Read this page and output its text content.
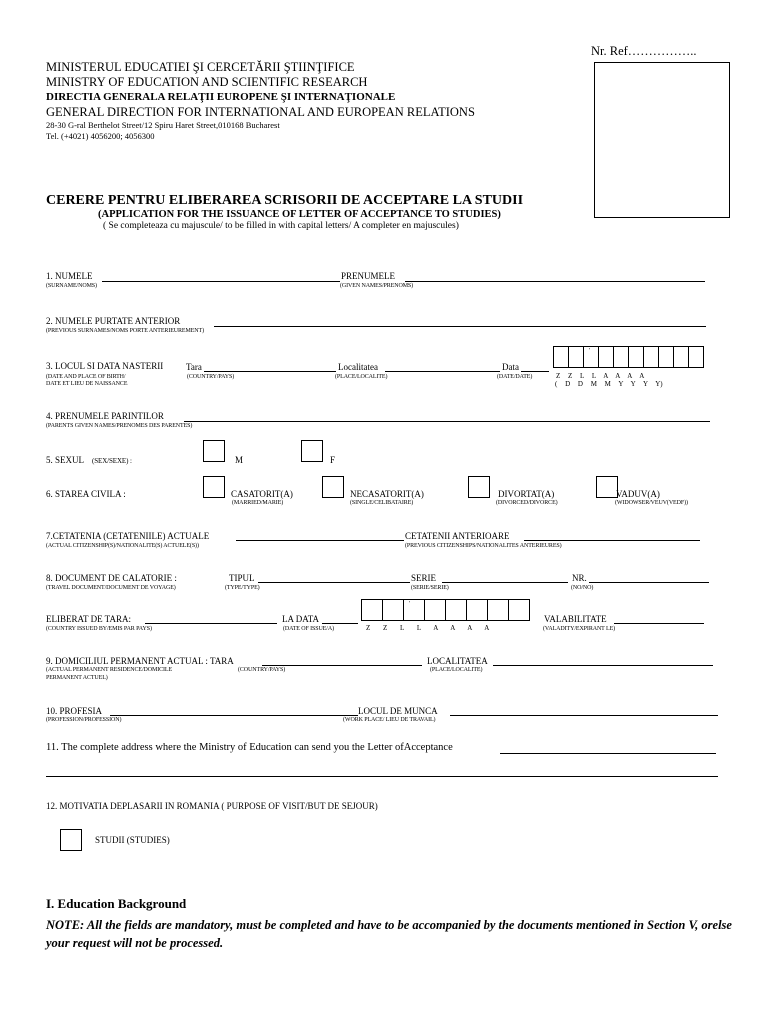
Nr. Ref……………..
MINISTERUL EDUCATIEI ŞI CERCETĂRII ŞTIINŢIFICE
MINISTRY OF EDUCATION AND SCIENTIFIC RESEARCH
DIRECTIA GENERALA RELAŢII EUROPENE ŞI INTERNAŢIONALE
GENERAL DIRECTION FOR INTERNATIONAL AND EUROPEAN RELATIONS
28-30 G-ral Berthelot Street/12 Spiru Haret Street,010168 Bucharest
Tel. (+4021) 4056200; 4056300
CERERE PENTRU ELIBERAREA SCRISORII DE ACCEPTARE LA STUDII
(APPLICATION FOR THE ISSUANCE OF LETTER OF ACCEPTANCE TO STUDIES)
( Se completeaza cu majuscule/ to be filled in with capital letters/ A completer en majuscules)
1. NUMELE	PRENUMELE
(SURNAME/NOMS)	(GIVEN NAMES/PRENOMS)
2. NUMELE PURTATE ANTERIOR
(PREVIOUS SURNAMES/NOMS PORTE ANTERIEUREMENT)
3. LOCUL SI DATA NASTERII	Tara	Localitatea	Data
'
(DATE AND PLACE OF BIRTH/
DATE ET LIEU DE NAISSANCE
(COUNTRY/PAYS)	(PLACE/LOCALITE)	(DATE/DATE)	Z Z L L A A A A
( D D M M Y Y Y Y)
4. PRENUMELE PARINTILOR
(PARENTS GIVEN NAMES/PRENOMES DES PARENTES)
5. SEXUL (SEX/SEXE) :	M	F
6. STAREA CIVILA :	CASATORIT(A)
(MARRIED/MARIE)
NECASATORIT(A)
(SINGLE/CELIBATAIRE)
DIVORTAT(A)
(DIVORCED/DIVORCE)
VADUV(A)
(WIDOWSER/VEUV(VEDF))
7.CETATENIA (CETATENIILE) ACTUALE	CETATENII ANTERIOARE
(ACTUAL CITIZENSHIP(S)/NATIONALITE(S) ACTUELE(S))	(PREVIOUS CITIZENSHIPS/NATIONALITES ANTERIEURES)
8. DOCUMENT DE CALATORIE :	TIPUL	SERIE	NR.
(TRAVEL DOCUMENT/DOCUMENT DE VOYAGE)	(TYPE/TYPE)	(SERIE/SERIE)	(NO/NO)
ELIBERAT DE TARA:	LA DATA
'	VALABILITATE
(COUNTRY ISSUED BY/EMIS PAR PAYS)	(DATE OF ISSUE/A)	Z Z L L A A A A	(VALADITY/EXPIRANT LE)
9. DOMICILIUL PERMANENT ACTUAL : TARA	LOCALITATEA
(ACTUAL PERMANENT RESIDENCE/DOMICILE
PERMANENT ACTUEL)
(COUNTRY/PAYS)	(PLACE/LOCALITE)
10. PROFESIA	LOCUL DE MUNCA
(PROFESSION/PROFESSION)	(WORK PLACE/ LIEU DE TRAVAIL)
11. The complete address where the Ministry of Education can send you the Letter ofAcceptance
12. MOTIVATIA DEPLASARII IN ROMANIA ( PURPOSE OF VISIT/BUT DE SEJOUR)
STUDII (STUDIES)
I. Education Background
NOTE: All the fields are mandatory, must be completed and have to be accompanied by the documents mentioned in Section V, orelse your request will not be processed.
